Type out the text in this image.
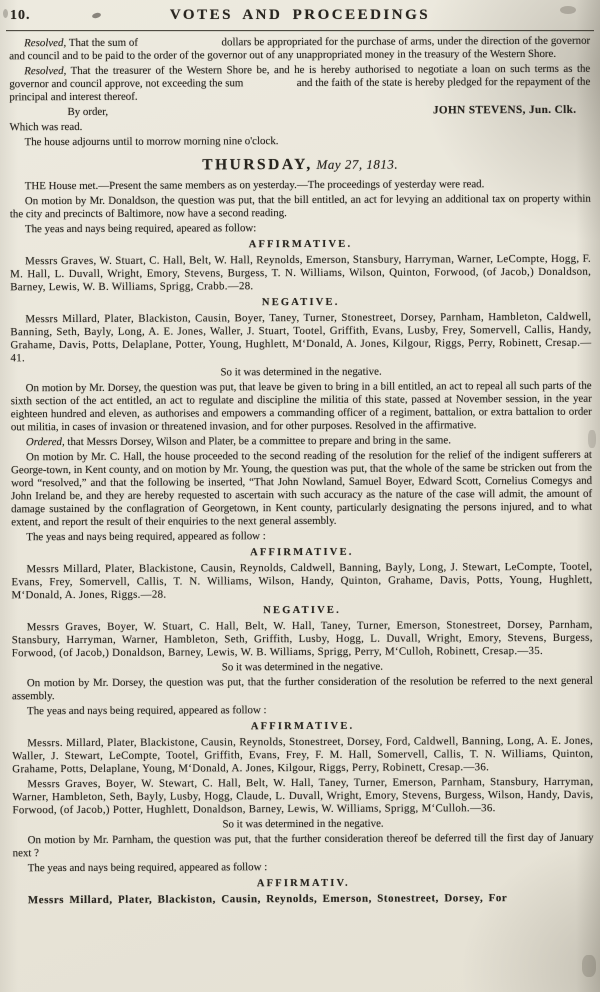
10.	VOTES AND PROCEEDINGS

Resolved, That the sum of                             dollars be appropriated for the purchase of arms, under the direction of the governor and council and to be paid to the order of the governor out of any unappropriated money in the treasury of the Western Shore.

Resolved, That the treasurer of the Western Shore be, and he is hereby authorised to negotiate a loan on such terms as the governor and council approve, not exceeding the sum                   and the faith of the state is hereby pledged for the repayment of the principal and interest thereof.

By order,	JOHN STEVENS, Jun. Clk.

Which was read.

The house adjourns until to morrow morning nine o'clock.

THURSDAY, May 27, 1813.

THE House met.—Present the same members as on yesterday.—The proceedings of yesterday were read.

On motion by Mr. Donaldson, the question was put, that the bill entitled, an act for levying an additional tax on property within the city and precincts of Baltimore, now have a second reading.

The yeas and nays being required, apeared as follow:

AFFIRMATIVE.

Messrs Graves, W. Stuart, C. Hall, Belt, W. Hall, Reynolds, Emerson, Stansbury, Harryman, Warner, LeCompte, Hogg, F. M. Hall, L. Duvall, Wright, Emory, Stevens, Burgess, T. N. Williams, Wilson, Quinton, Forwood, (of Jacob,) Donaldson, Barney, Lewis, W. B. Williams, Sprigg, Crabb.—28.

NEGATIVE.

Messrs Millard, Plater, Blackiston, Causin, Boyer, Taney, Turner, Stonestreet, Dorsey, Parnham, Hambleton, Caldwell, Banning, Seth, Bayly, Long, A. E. Jones, Waller, J. Stuart, Tootel, Griffith, Evans, Lusby, Frey, Somervell, Callis, Handy, Grahame, Davis, Potts, Delaplane, Potter, Young, Hughlett, M‘Donald, A. Jones, Kilgour, Riggs, Perry, Robinett, Cresap.—41.

So it was determined in the negative.

On motion by Mr. Dorsey, the question was put, that leave be given to bring in a bill entitled, an act to repeal all such parts of the sixth section of the act entitled, an act to regulate and discipline the militia of this state, passed at November session, in the year eighteen hundred and eleven, as authorises and empowers a commanding officer of a regiment, battalion, or extra battalion to order out militia, in cases of invasion or threatened invasion, and for other purposes. Resolved in the affirmative.

Ordered, that Messrs Dorsey, Wilson and Plater, be a committee to prepare and bring in the same.

On motion by Mr. C. Hall, the house proceeded to the second reading of the resolution for the relief of the indigent sufferers at George-town, in Kent county, and on motion by Mr. Young, the question was put, that the whole of the same be stricken out from the word “resolved,” and that the following be inserted, “That John Nowland, Samuel Boyer, Edward Scott, Cornelius Comegys and John Ireland be, and they are hereby requested to ascertain with such accuracy as the nature of the case will admit, the amount of damage sustained by the conflagration of Georgetown, in Kent county, particularly designating the persons injured, and to what extent, and report the result of their enquiries to the next general assembly.

The yeas and nays being required, appeared as follow :

AFFIRMATIVE.

Messrs Millard, Plater, Blackistone, Causin, Reynolds, Caldwell, Banning, Bayly, Long, J. Stewart, LeCompte, Tootel, Evans, Frey, Somervell, Callis, T. N. Williams, Wilson, Handy, Quinton, Grahame, Davis, Potts, Young, Hughlett, M‘Donald, A. Jones, Riggs.—28.

NEGATIVE.

Messrs Graves, Boyer, W. Stuart, C. Hall, Belt, W. Hall, Taney, Turner, Emerson, Stonestreet, Dorsey, Parnham, Stansbury, Harryman, Warner, Hambleton, Seth, Griffith, Lusby, Hogg, L. Duvall, Wright, Emory, Stevens, Burgess, Forwood, (of Jacob,) Donaldson, Barney, Lewis, W. B. Williams, Sprigg, Perry, M‘Culloh, Robinett, Cresap.—35.

So it was determined in the negative.

On motion by Mr. Dorsey, the question was put, that the further consideration of the resolution be referred to the next general assembly.

The yeas and nays being required, appeared as follow :

AFFIRMATIVE.

Messrs. Millard, Plater, Blackistone, Causin, Reynolds, Stonestreet, Dorsey, Ford, Caldwell, Banning, Long, A. E. Jones, Waller, J. Stewart, LeCompte, Tootel, Griffith, Evans, Frey, F. M. Hall, Somervell, Callis, T. N. Williams, Quinton, Grahame, Potts, Delaplane, Young, M‘Donald, A. Jones, Kilgour, Riggs, Perry, Robinett, Cresap.—36.

Messrs Graves, Boyer, W. Stewart, C. Hall, Belt, W. Hall, Taney, Turner, Emerson, Parnham, Stansbury, Harryman, Warner, Hambleton, Seth, Bayly, Lusby, Hogg, Claude, L. Duvall, Wright, Emory, Stevens, Burgess, Wilson, Handy, Davis, Forwood, (of Jacob,) Potter, Hughlett, Donaldson, Barney, Lewis, W. Williams, Sprigg, M‘Culloh.—36.

So it was determined in the negative.

On motion by Mr. Parnham, the question was put, that the further consideration thereof be deferred till the first day of January next ?

The yeas and nays being required, appeared as follow :

AFFIRMATIV.

Messrs Millard, Plater, Blackiston, Causin, Reynolds, Emerson, Stonestreet, Dorsey, For
